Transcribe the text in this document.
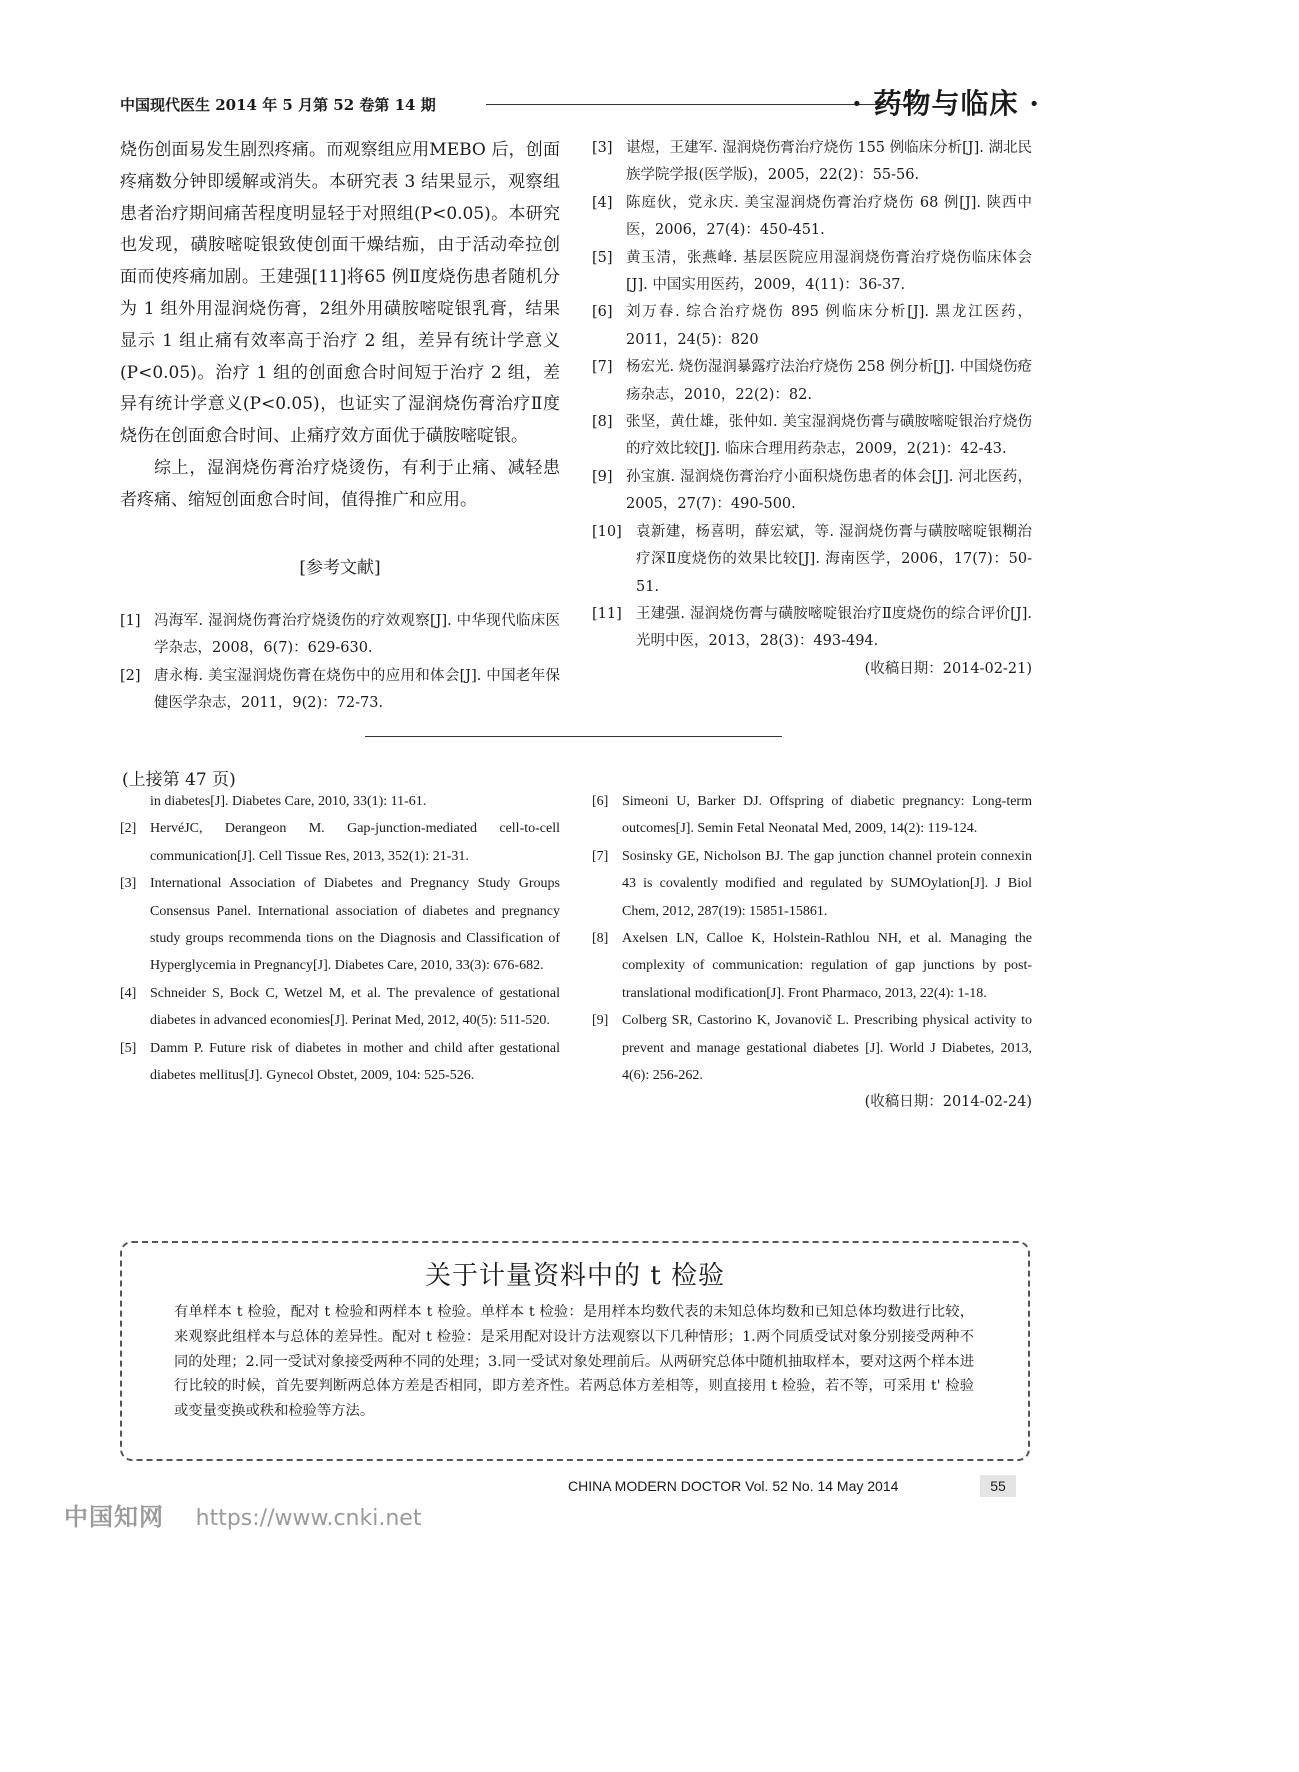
中国现代医生 2014 年 5 月第 52 卷第 14 期	· 药物与临床 ·

烧伤创面易发生剧烈疼痛。而观察组应用MEBO 后，创面疼痛数分钟即缓解或消失。本研究表 3 结果显示，观察组患者治疗期间痛苦程度明显轻于对照组(P<0.05)。本研究也发现，磺胺嘧啶银致使创面干燥结痂，由于活动牵拉创面而使疼痛加剧。王建强[11]将65 例Ⅱ度烧伤患者随机分为 1 组外用湿润烧伤膏，2组外用磺胺嘧啶银乳膏，结果显示 1 组止痛有效率高于治疗 2 组，差异有统计学意义(P<0.05)。治疗 1 组的创面愈合时间短于治疗 2 组，差异有统计学意义(P<0.05)，也证实了湿润烧伤膏治疗Ⅱ度烧伤在创面愈合时间、止痛疗效方面优于磺胺嘧啶银。

综上，湿润烧伤膏治疗烧烫伤，有利于止痛、减轻患者疼痛、缩短创面愈合时间，值得推广和应用。

[参考文献]
[1] 冯海军. 湿润烧伤膏治疗烧烫伤的疗效观察[J]. 中华现代临床医学杂志，2008，6(7)：629-630.
[2] 唐永梅. 美宝湿润烧伤膏在烧伤中的应用和体会[J]. 中国老年保健医学杂志，2011，9(2)：72-73.
[3] 谌煜，王建军. 湿润烧伤膏治疗烧伤 155 例临床分析[J]. 湖北民族学院学报(医学版)，2005，22(2)：55-56.
[4] 陈庭伙，党永庆. 美宝湿润烧伤膏治疗烧伤 68 例[J]. 陕西中医，2006，27(4)：450-451.
[5] 黄玉清，张燕峰. 基层医院应用湿润烧伤膏治疗烧伤临床体会[J]. 中国实用医药，2009，4(11)：36-37.
[6] 刘万春. 综合治疗烧伤 895 例临床分析[J]. 黑龙江医药，2011，24(5)：820
[7] 杨宏光. 烧伤湿润暴露疗法治疗烧伤 258 例分析[J]. 中国烧伤疮疡杂志，2010，22(2)：82.
[8] 张坚，黄仕雄，张仲如. 美宝湿润烧伤膏与磺胺嘧啶银治疗烧伤的疗效比较[J]. 临床合理用药杂志，2009，2(21)：42-43.
[9] 孙宝旗. 湿润烧伤膏治疗小面积烧伤患者的体会[J]. 河北医药，2005，27(7)：490-500.
[10] 袁新建，杨喜明，薛宏斌，等. 湿润烧伤膏与磺胺嘧啶银糊治疗深Ⅱ度烧伤的效果比较[J]. 海南医学，2006，17(7)：50-51.
[11] 王建强. 湿润烧伤膏与磺胺嘧啶银治疗Ⅱ度烧伤的综合评价[J]. 光明中医，2013，28(3)：493-494.
(收稿日期：2014-02-21)
(上接第 47 页)
in diabetes[J]. Diabetes Care, 2010, 33(1): 11-61.
[2] HervéJC, Derangeon M. Gap-junction-mediated cell-to-cell communication[J]. Cell Tissue Res, 2013, 352(1): 21-31.
[3] International Association of Diabetes and Pregnancy Study Groups Consensus Panel. International association of diabetes and pregnancy study groups recommenda tions on the Diagnosis and Classification of Hyperglycemia in Pregnancy[J]. Diabetes Care, 2010, 33(3): 676-682.
[4] Schneider S, Bock C, Wetzel M, et al. The prevalence of gestational diabetes in advanced economies[J]. Perinat Med, 2012, 40(5): 511-520.
[5] Damm P. Future risk of diabetes in mother and child after gestational diabetes mellitus[J]. Gynecol Obstet, 2009, 104: 525-526.
[6] Simeoni U, Barker DJ. Offspring of diabetic pregnancy: Long-term outcomes[J]. Semin Fetal Neonatal Med, 2009, 14(2): 119-124.
[7] Sosinsky GE, Nicholson BJ. The gap junction channel protein connexin 43 is covalently modified and regulated by SUMOylation[J]. J Biol Chem, 2012, 287(19): 15851-15861.
[8] Axelsen LN, Calloe K, Holstein-Rathlou NH, et al. Managing the complexity of communication: regulation of gap junctions by post-translational modification[J]. Front Pharmaco, 2013, 22(4): 1-18.
[9] Colberg SR, Castorino K, Jovanovič L. Prescribing physical activity to prevent and manage gestational diabetes [J]. World J Diabetes, 2013, 4(6): 256-262.
(收稿日期：2014-02-24)
关于计量资料中的 t 检验
有单样本 t 检验，配对 t 检验和两样本 t 检验。单样本 t 检验：是用样本均数代表的未知总体均数和已知总体均数进行比较，来观察此组样本与总体的差异性。配对 t 检验：是采用配对设计方法观察以下几种情形；1.两个同质受试对象分别接受两种不同的处理；2.同一受试对象接受两种不同的处理；3.同一受试对象处理前后。从两研究总体中随机抽取样本，要对这两个样本进行比较的时候，首先要判断两总体方差是否相同，即方差齐性。若两总体方差相等，则直接用 t 检验，若不等，可采用 t' 检验或变量变换或秩和检验等方法。
CHINA MODERN DOCTOR Vol. 52 No. 14 May 2014	55
中国知网 https://www.cnki.net
